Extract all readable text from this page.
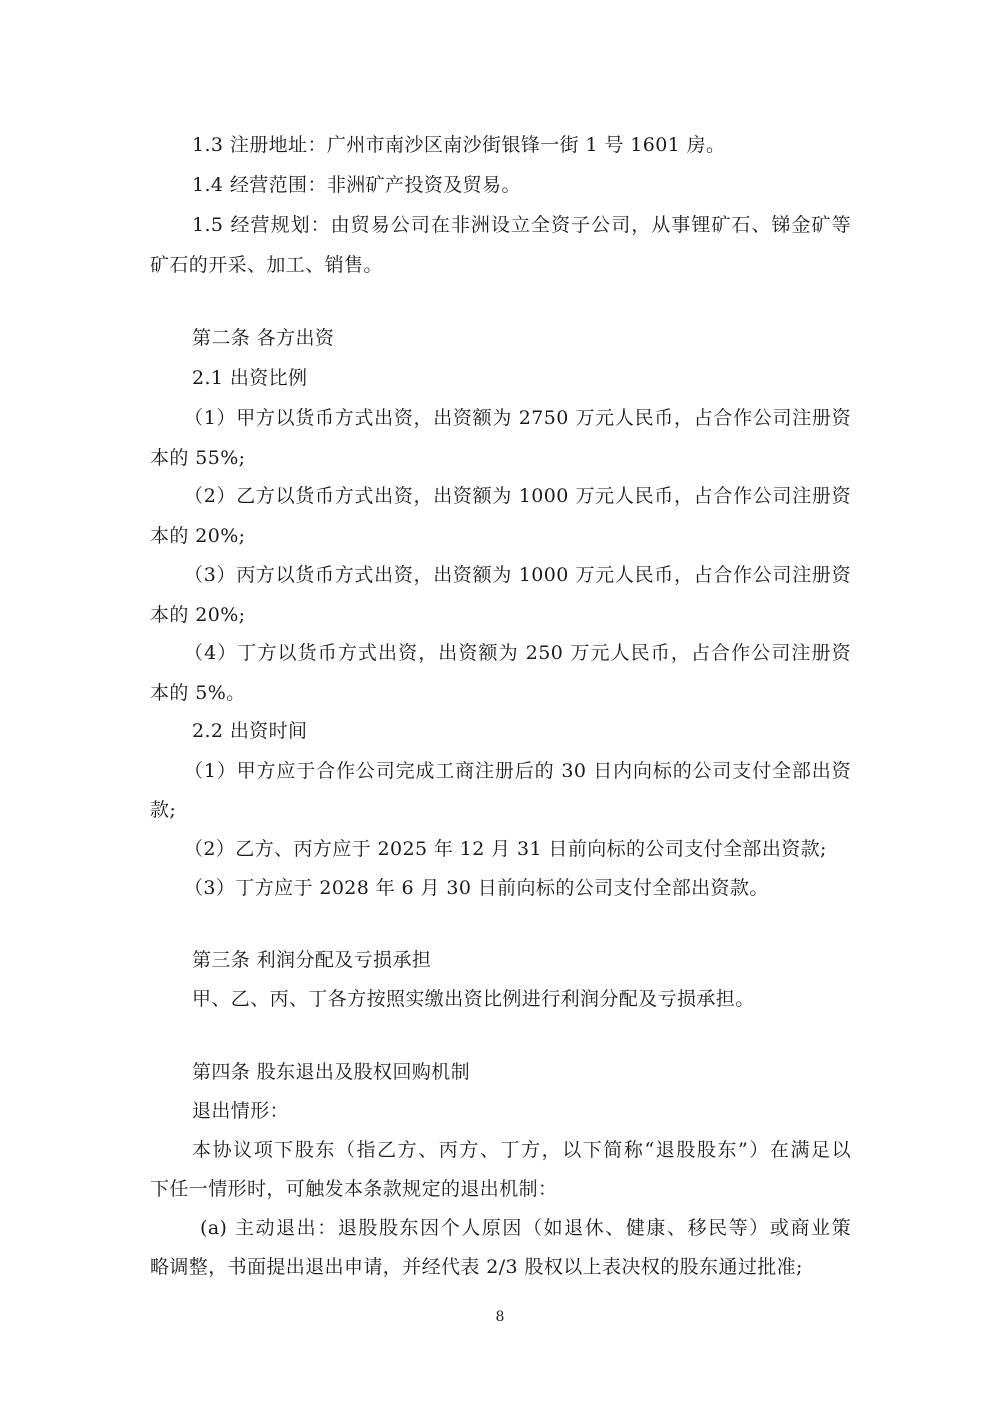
1.3 注册地址：广州市南沙区南沙街银锋一街 1 号 1601 房。
1.4 经营范围：非洲矿产投资及贸易。
1.5 经营规划：由贸易公司在非洲设立全资子公司，从事锂矿石、锑金矿等
矿石的开采、加工、销售。
第二条 各方出资
2.1 出资比例
（1）甲方以货币方式出资，出资额为 2750 万元人民币，占合作公司注册资
本的 55%;
（2）乙方以货币方式出资，出资额为 1000 万元人民币，占合作公司注册资
本的 20%;
（3）丙方以货币方式出资，出资额为 1000 万元人民币，占合作公司注册资
本的 20%;
（4）丁方以货币方式出资，出资额为 250 万元人民币，占合作公司注册资
本的 5%。
2.2 出资时间
（1）甲方应于合作公司完成工商注册后的 30 日内向标的公司支付全部出资
款;
（2）乙方、丙方应于 2025 年 12 月 31 日前向标的公司支付全部出资款;
（3）丁方应于 2028 年 6 月 30 日前向标的公司支付全部出资款。
第三条 利润分配及亏损承担
甲、乙、丙、丁各方按照实缴出资比例进行利润分配及亏损承担。
第四条 股东退出及股权回购机制
退出情形：
本协议项下股东（指乙方、丙方、丁方，以下简称“退股股东”）在满足以
下任一情形时，可触发本条款规定的退出机制：
(a) 主动退出：退股股东因个人原因（如退休、健康、移民等）或商业策
略调整，书面提出退出申请，并经代表 2/3 股权以上表决权的股东通过批准;
8
